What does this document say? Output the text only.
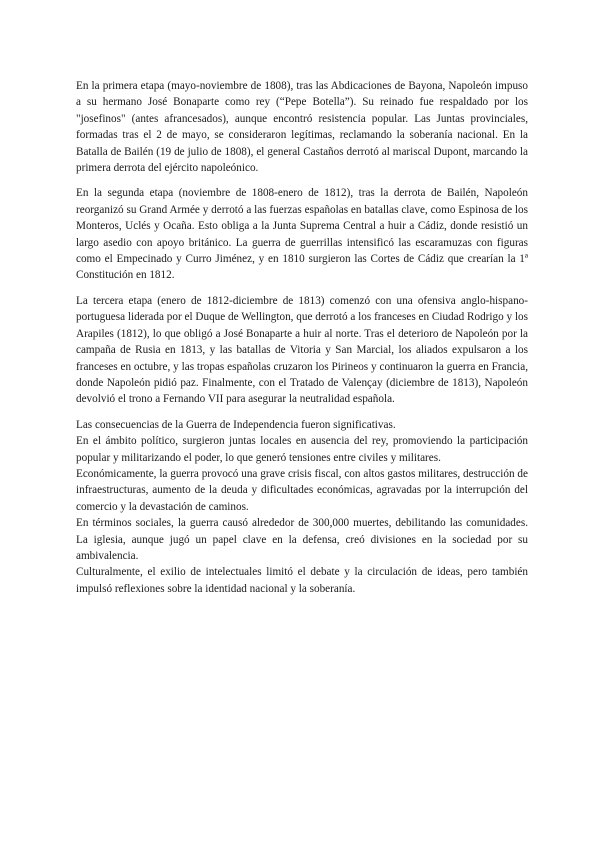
En la primera etapa (mayo-noviembre de 1808), tras las Abdicaciones de Bayona, Napoleón impuso a su hermano José Bonaparte como rey (“Pepe Botella”). Su reinado fue respaldado por los "josefinos" (antes afrancesados), aunque encontró resistencia popular. Las Juntas provinciales, formadas tras el 2 de mayo, se consideraron legítimas, reclamando la soberanía nacional. En la Batalla de Bailén (19 de julio de 1808), el general Castaños derrotó al mariscal Dupont, marcando la primera derrota del ejército napoleónico.

En la segunda etapa (noviembre de 1808-enero de 1812), tras la derrota de Bailén, Napoleón reorganizó su Grand Armée y derrotó a las fuerzas españolas en batallas clave, como Espinosa de los Monteros, Uclés y Ocaña. Esto obliga a la Junta Suprema Central a huir a Cádiz, donde resistió un largo asedio con apoyo británico. La guerra de guerrillas intensificó las escaramuzas con figuras como el Empecinado y Curro Jiménez, y en 1810 surgieron las Cortes de Cádiz que crearían la 1ª Constitución en 1812.

La tercera etapa (enero de 1812-diciembre de 1813) comenzó con una ofensiva anglo-hispano-portuguesa liderada por el Duque de Wellington, que derrotó a los franceses en Ciudad Rodrigo y los Arapiles (1812), lo que obligó a José Bonaparte a huir al norte. Tras el deterioro de Napoleón por la campaña de Rusia en 1813, y las batallas de Vitoria y San Marcial, los aliados expulsaron a los franceses en octubre, y las tropas españolas cruzaron los Pirineos y continuaron la guerra en Francia, donde Napoleón pidió paz. Finalmente, con el Tratado de Valençay (diciembre de 1813), Napoleón devolvió el trono a Fernando VII para asegurar la neutralidad española.

Las consecuencias de la Guerra de Independencia fueron significativas.

En el ámbito político, surgieron juntas locales en ausencia del rey, promoviendo la participación popular y militarizando el poder, lo que generó tensiones entre civiles y militares.

Económicamente, la guerra provocó una grave crisis fiscal, con altos gastos militares, destrucción de infraestructuras, aumento de la deuda y dificultades económicas, agravadas por la interrupción del comercio y la devastación de caminos.

En términos sociales, la guerra causó alrededor de 300,000 muertes, debilitando las comunidades. La iglesia, aunque jugó un papel clave en la defensa, creó divisiones en la sociedad por su ambivalencia.

Culturalmente, el exilio de intelectuales limitó el debate y la circulación de ideas, pero también impulsó reflexiones sobre la identidad nacional y la soberanía.
